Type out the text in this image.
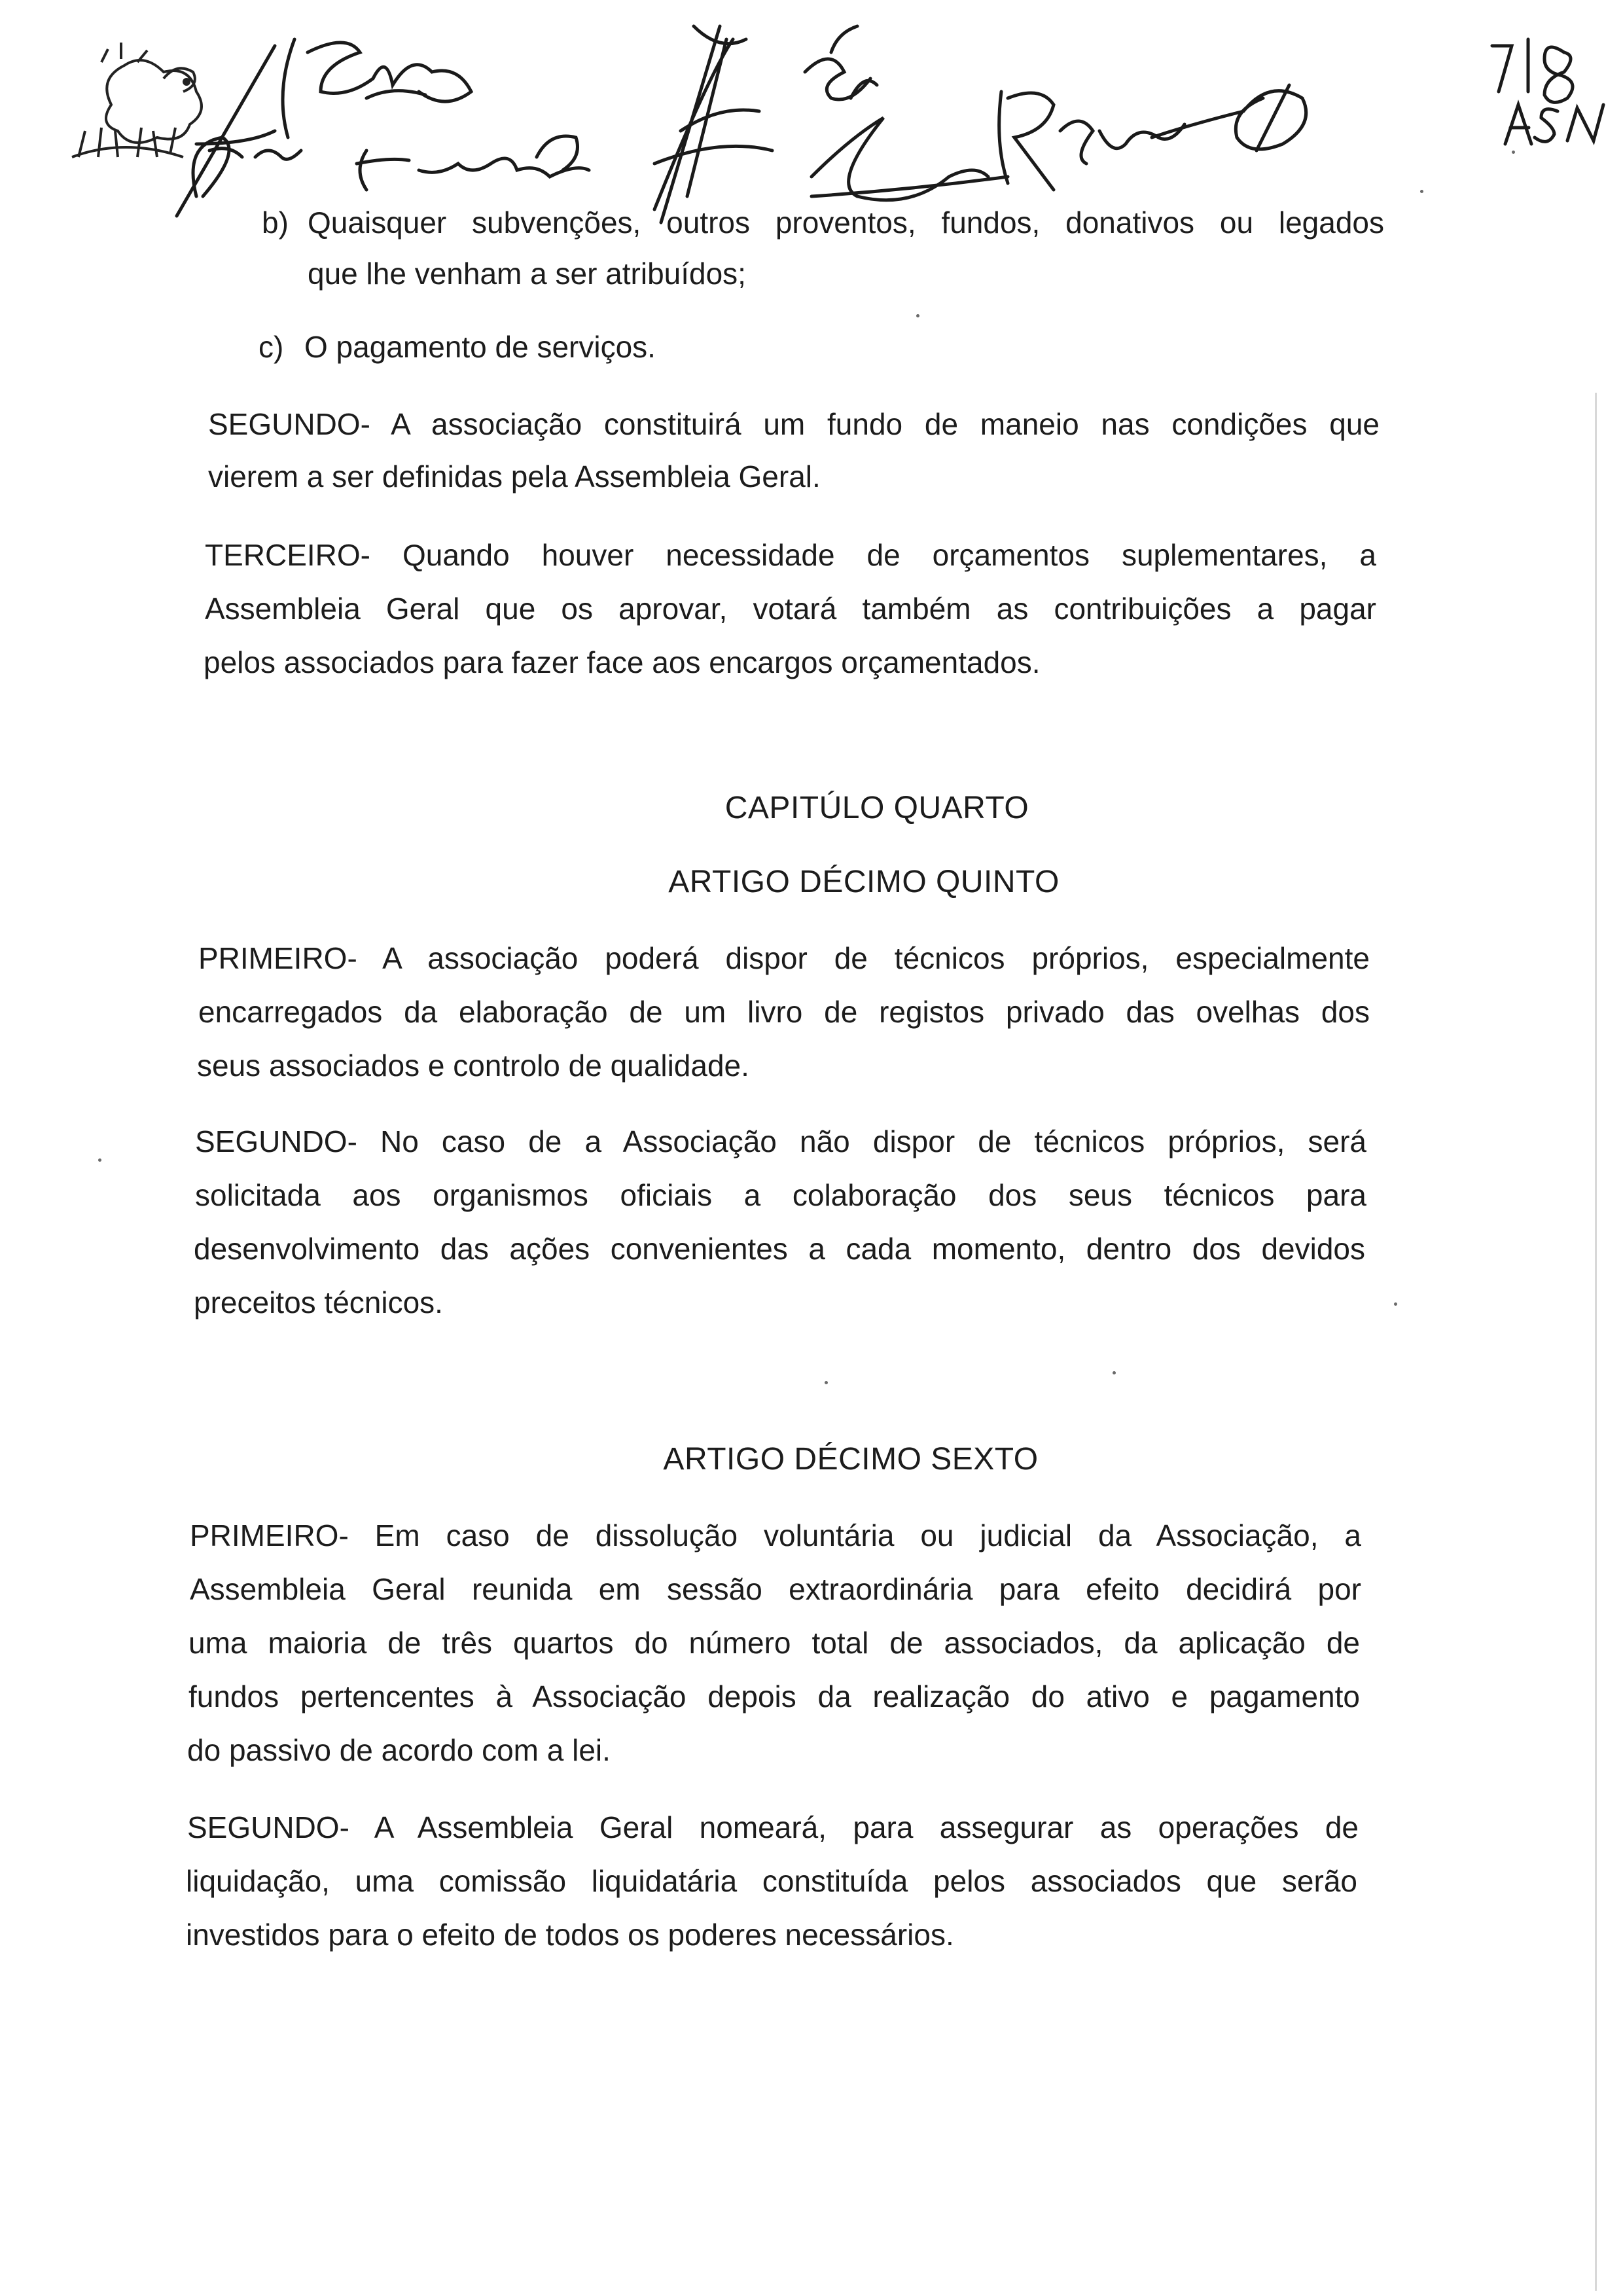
b) Quaisquer subvenções, outros proventos, fundos, donativos ou legados
que lhe venham a ser atribuídos;
c) O pagamento de serviços.
SEGUNDO- A associação constituirá um fundo de maneio nas condições que
vierem a ser definidas pela Assembleia Geral.
TERCEIRO- Quando houver necessidade de orçamentos suplementares, a
Assembleia Geral que os aprovar, votará também as contribuições a pagar
pelos associados para fazer face aos encargos orçamentados.
CAPITÚLO QUARTO
ARTIGO DÉCIMO QUINTO
PRIMEIRO- A associação poderá dispor de técnicos próprios, especialmente
encarregados da elaboração de um livro de registos privado das ovelhas dos
seus associados e controlo de qualidade.
SEGUNDO- No caso de a Associação não dispor de técnicos próprios, será
solicitada aos organismos oficiais a colaboração dos seus técnicos para
desenvolvimento das ações convenientes a cada momento, dentro dos devidos
preceitos técnicos.
ARTIGO DÉCIMO SEXTO
PRIMEIRO- Em caso de dissolução voluntária ou judicial da Associação, a
Assembleia Geral reunida em sessão extraordinária para efeito decidirá por
uma maioria de três quartos do número total de associados, da aplicação de
fundos pertencentes à Associação depois da realização do ativo e pagamento
do passivo de acordo com a lei.
SEGUNDO- A Assembleia Geral nomeará, para assegurar as operações de
liquidação, uma comissão liquidatária constituída pelos associados que serão
investidos para o efeito de todos os poderes necessários.
